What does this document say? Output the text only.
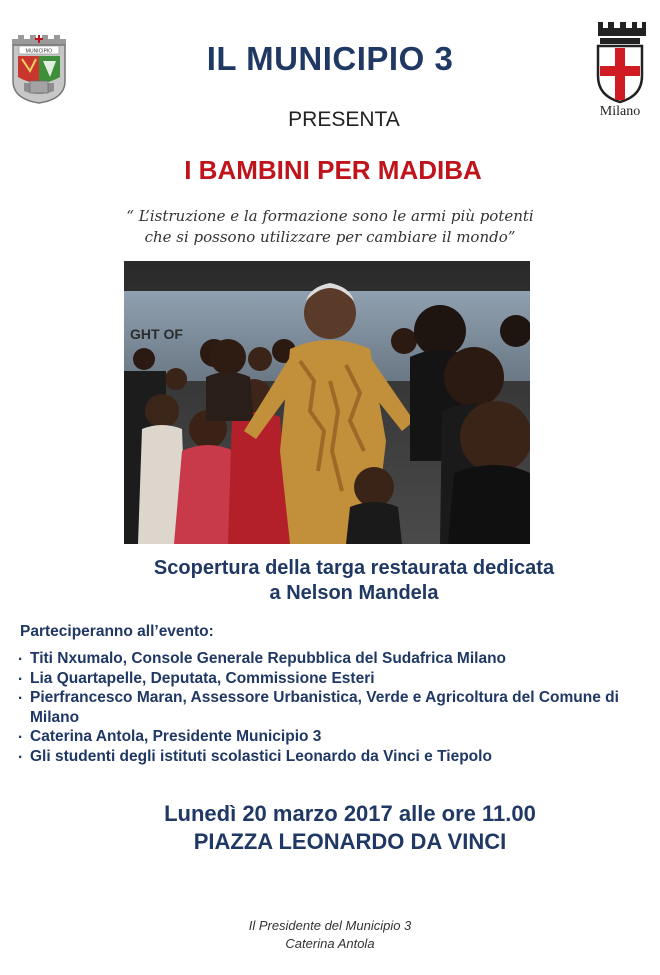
MUNICIPIO	IL MUNICIPIO 3
Milano
PRESENTA
I BAMBINI PER MADIBA
“ L’istruzione e la formazione sono le armi più potenti
che si possono utilizzare per cambiare il mondo”
GHT OF
Scopertura della targa restaurata dedicata
a Nelson Mandela
Parteciperanno all’evento:
. Titi Nxumalo, Console Generale Repubblica del Sudafrica Milano
. Lia Quartapelle, Deputata, Commissione Esteri
. Pierfrancesco Maran, Assessore Urbanistica, Verde e Agricoltura del Comune di Milano
. Caterina Antola, Presidente Municipio 3
. Gli studenti degli istituti scolastici Leonardo da Vinci e Tiepolo
Lunedì 20 marzo 2017 alle ore 11.00
PIAZZA LEONARDO DA VINCI
Il Presidente del Municipio 3
Caterina Antola
